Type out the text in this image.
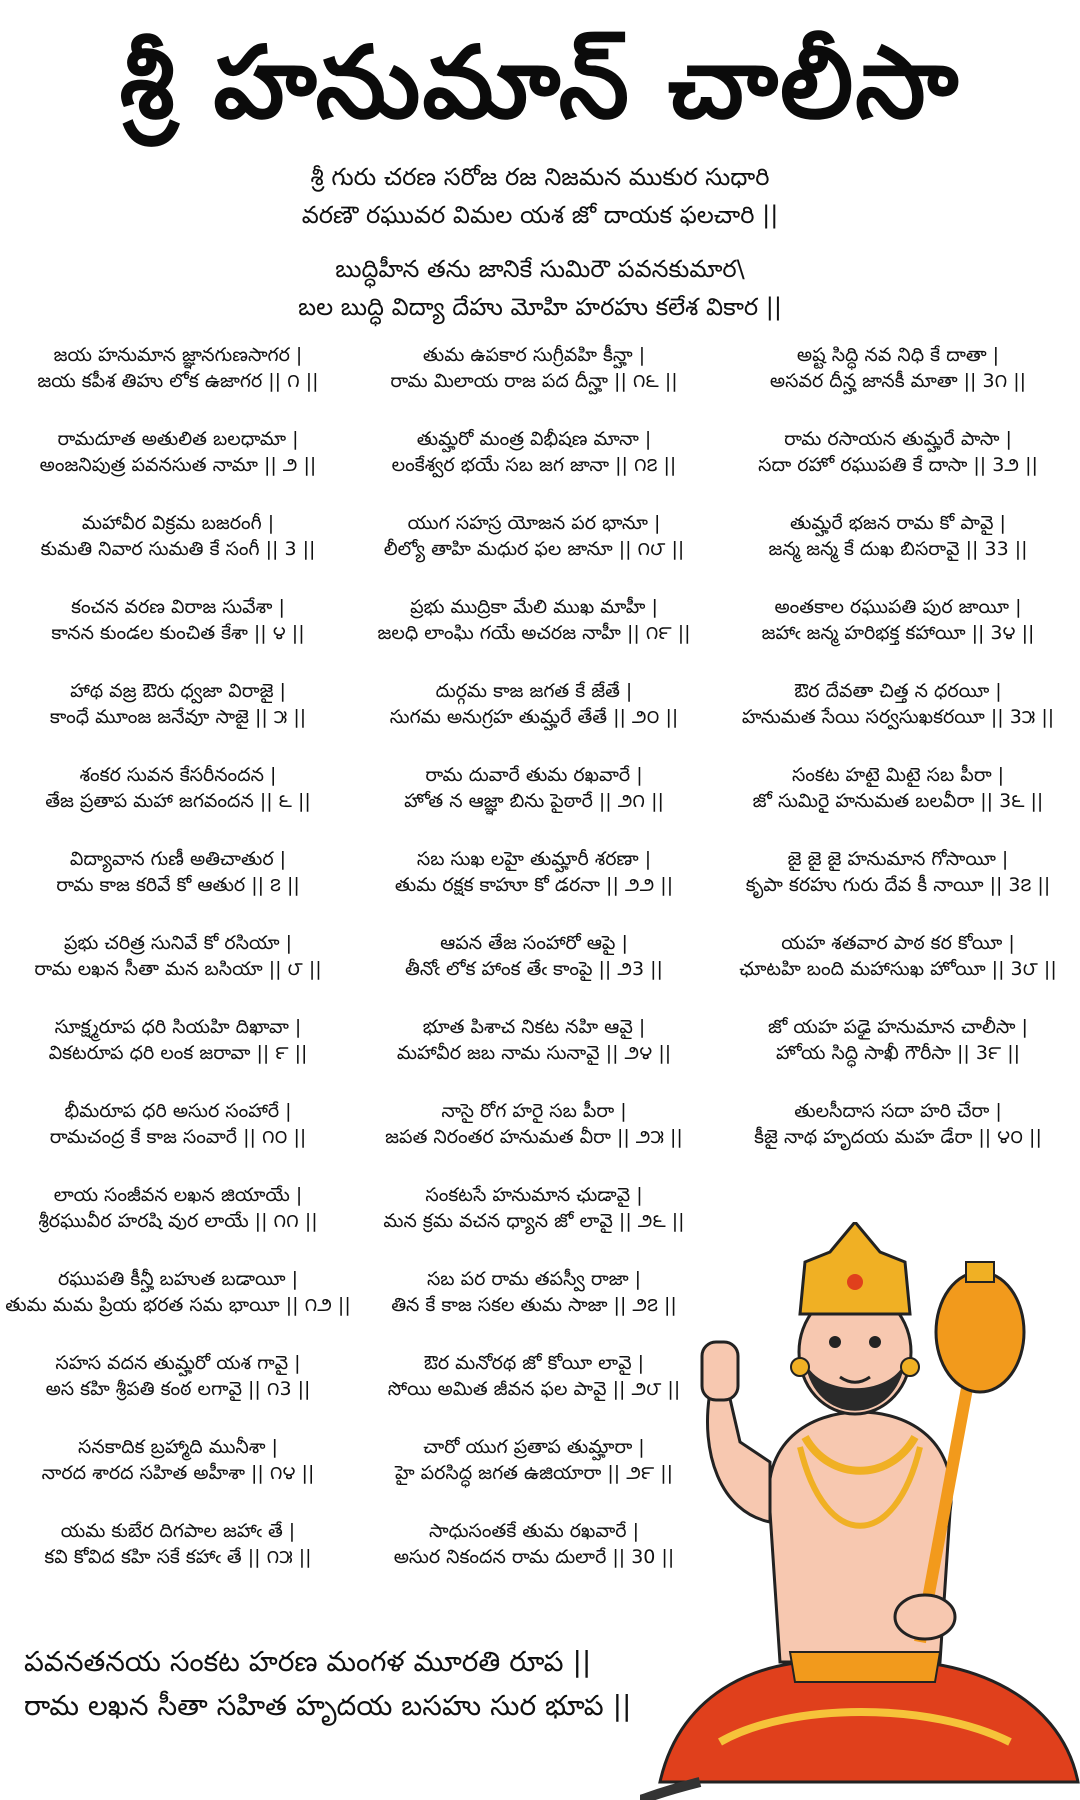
శ్రీ హనుమాన్ చాలీసా
శ్రీ గురు చరణ సరోజ రజ నిజమన ముకుర సుధారి
వరణౌ రఘువర విమల యశ జో దాయక ఫలచారి ||
బుద్ధిహీన తను జానికే సుమిరౌ పవనకుమార\
బల బుద్ధి విద్యా దేహు మోహి హరహు కలేశ వికార ||
జయ హనుమాన జ్ఞానగుణసాగర |
జయ కపీశ తిహు లోక ఉజాగర || ౧ ||
రామదూత అతులిత బలధామా |
అంజనిపుత్ర పవనసుత నామా || ౨ ||
మహావీర విక్రమ బజరంగీ |
కుమతి నివార సుమతి కే సంగీ || 3 ||
కంచన వరణ విరాజ సువేశా |
కానన కుండల కుంచిత కేశా || ౪ ||
హాథ వజ్ర ఔరు ధ్వజా విరాజై |
కాంధే మూంజ జనేవూ సాజై || ౫ ||
శంకర సువన కేసరీనందన |
తేజ ప్రతాప మహా జగవందన || ౬ ||
విద్యావాన గుణీ అతిచాతుర |
రామ కాజ కరివే కో ఆతుర || ౭ ||
ప్రభు చరిత్ర సునివే కో రసియా |
రామ లఖన సీతా మన బసియా || ౮ ||
సూక్ష్మరూప ధరి సియహి దిఖావా |
వికటరూప ధరి లంక జరావా || ౯ ||
భీమరూప ధరి అసుర సంహారే |
రామచంద్ర కే కాజ సంవారే || ౧౦ ||
లాయ సంజీవన లఖన జియాయే |
శ్రీరఘువీర హరషి వుర లాయే || ౧౧ ||
రఘుపతి కీన్హీ బహుత బడాయీ |
తుమ మమ ప్రియ భరత సమ భాయీ || ౧౨ ||
సహస వదన తుమ్హరో యశ గావై |
అస కహి శ్రీపతి కంఠ లగావై || ౧3 ||
సనకాదిక బ్రహ్మాది మునీశా |
నారద శారద సహిత అహీశా || ౧౪ ||
యమ కుబేర దిగపాల జహాఁ తే |
కవి కోవిద కహి సకే కహాఁ తే || ౧౫ ||
తుమ ఉపకార సుగ్రీవహి కీన్హా |
రామ మిలాయ రాజ పద దీన్హా || ౧౬ ||
తుమ్హరో మంత్ర విభీషణ మానా |
లంకేశ్వర భయే సబ జగ జానా || ౧౭ ||
యుగ సహస్ర యోజన పర భానూ |
లీల్యో తాహి మధుర ఫల జానూ || ౧౮ ||
ప్రభు ముద్రికా మేలి ముఖ మాహీ |
జలధి లాంఘి గయే అచరజ నాహీ || ౧౯ ||
దుర్గమ కాజ జగత కే జేతే |
సుగమ అనుగ్రహ తుమ్హరే తేతే || ౨౦ ||
రామ దువారే తుమ రఖవారే |
హోత న ఆజ్ఞా బిను పైఠారే || ౨౧ ||
సబ సుఖ లహై తుమ్హారీ శరణా |
తుమ రక్షక కాహూ కో డరనా || ౨౨ ||
ఆపన తేజ సంహారో ఆపై |
తీనోఁ లోక హాంక తేఁ కాంపై || ౨3 ||
భూత పిశాచ నికట నహి ఆవై |
మహావీర జబ నామ సునావై || ౨౪ ||
నాసై రోగ హరై సబ పీరా |
జపత నిరంతర హనుమత వీరా || ౨౫ ||
సంకటసే హనుమాన ఛుడావై |
మన క్రమ వచన ధ్యాన జో లావై || ౨౬ ||
సబ పర రామ తపస్వీ రాజా |
తిన కే కాజ సకల తుమ సాజా || ౨౭ ||
ఔర మనోరథ జో కోయీ లావై |
సోయి అమిత జీవన ఫల పావై || ౨౮ ||
చారో యుగ ప్రతాప తుమ్హారా |
హై పరసిద్ధ జగత ఉజియారా || ౨౯ ||
సాధుసంతకే తుమ రఖవారే |
అసుర నికందన రామ దులారే || 30 ||
అష్ట సిద్ధి నవ నిధి కే దాతా |
అసవర దీన్హ జానకీ మాతా || 3౧ ||
రామ రసాయన తుమ్హరే పాసా |
సదా రహో రఘుపతి కే దాసా || 3౨ ||
తుమ్హరే భజన రామ కో పావై |
జన్మ జన్మ కే దుఖ బిసరావై || 33 ||
అంతకాల రఘుపతి పుర జాయీ |
జహాఁ జన్మ హరిభక్త కహాయీ || 3౪ ||
ఔర దేవతా చిత్త న ధరయీ |
హనుమత సేయి సర్వసుఖకరయీ || 3౫ ||
సంకట హటై మిటై సబ పీరా |
జో సుమిరై హనుమత బలవీరా || 3౬ ||
జై జై జై హనుమాన గోసాయీ |
కృపా కరహు గురు దేవ కీ నాయీ || 3౭ ||
యహ శతవార పాఠ కర కోయీ |
ఛూటహి బంది మహాసుఖ హోయీ || 3౮ ||
జో యహ పఢై హనుమాన చాలీసా |
హోయ సిద్ధి సాఖీ గౌరీసా || 3౯ ||
తులసీదాస సదా హరి చేరా |
కీజై నాథ హృదయ మహ డేరా || ౪౦ ||
పవనతనయ సంకట హరణ మంగళ మూరతి రూప ||
రామ లఖన సీతా సహిత హృదయ బసహు సుర భూప ||
